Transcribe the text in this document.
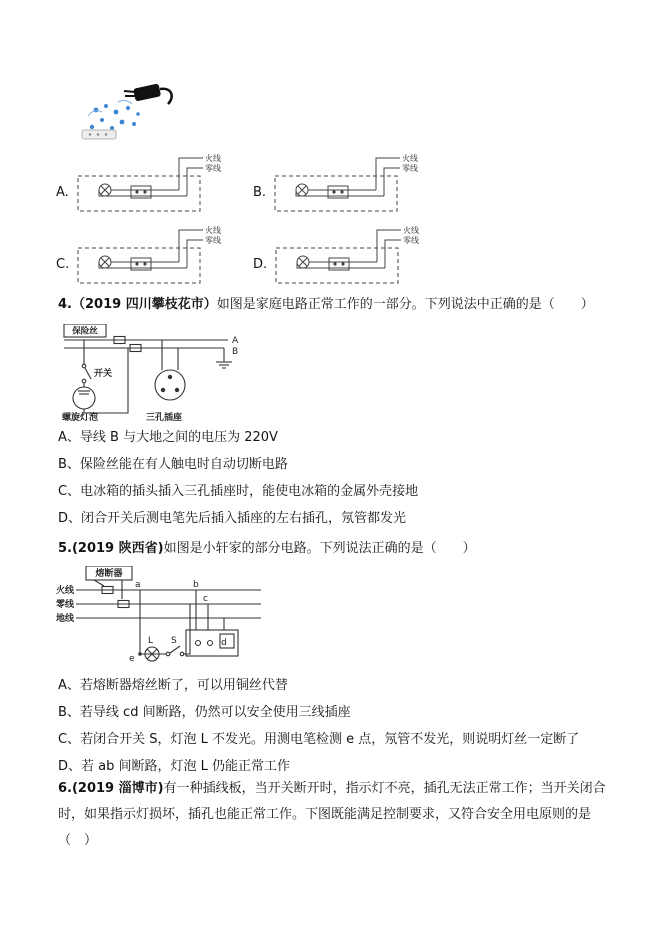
A.
火线
零线
B.
火线
零线
C.
火线
零线
D.
火线
零线

4.（2019 四川攀枝花市）如图是家庭电路正常工作的一部分。下列说法中正确的是（　　）

保险丝
A
B
开关
螺旋灯泡	三孔插座

A、导线 B 与大地之间的电压为 220V

B、保险丝能在有人触电时自动切断电路

C、电冰箱的插头插入三孔插座时，能使电冰箱的金属外壳接地

D、闭合开关后测电笔先后插入插座的左右插孔，氖管都发光

5.(2019 陕西省)如图是小轩家的部分电路。下列说法正确的是（　　）

熔断器
火线
零线
地线
a	b
c
d
e
L S

A、若熔断器熔丝断了，可以用铜丝代替

B、若导线 cd 间断路，仍然可以安全使用三线插座

C、若闭合开关 S，灯泡 L 不发光。用测电笔检测 e 点，氖管不发光，则说明灯丝一定断了

D、若 ab 间断路，灯泡 L 仍能正常工作

6.(2019 淄博市)有一种插线板，当开关断开时，指示灯不亮，插孔无法正常工作；当开关闭合时，如果指示灯损坏，插孔也能正常工作。下图既能满足控制要求，又符合安全用电原则的是（　）
